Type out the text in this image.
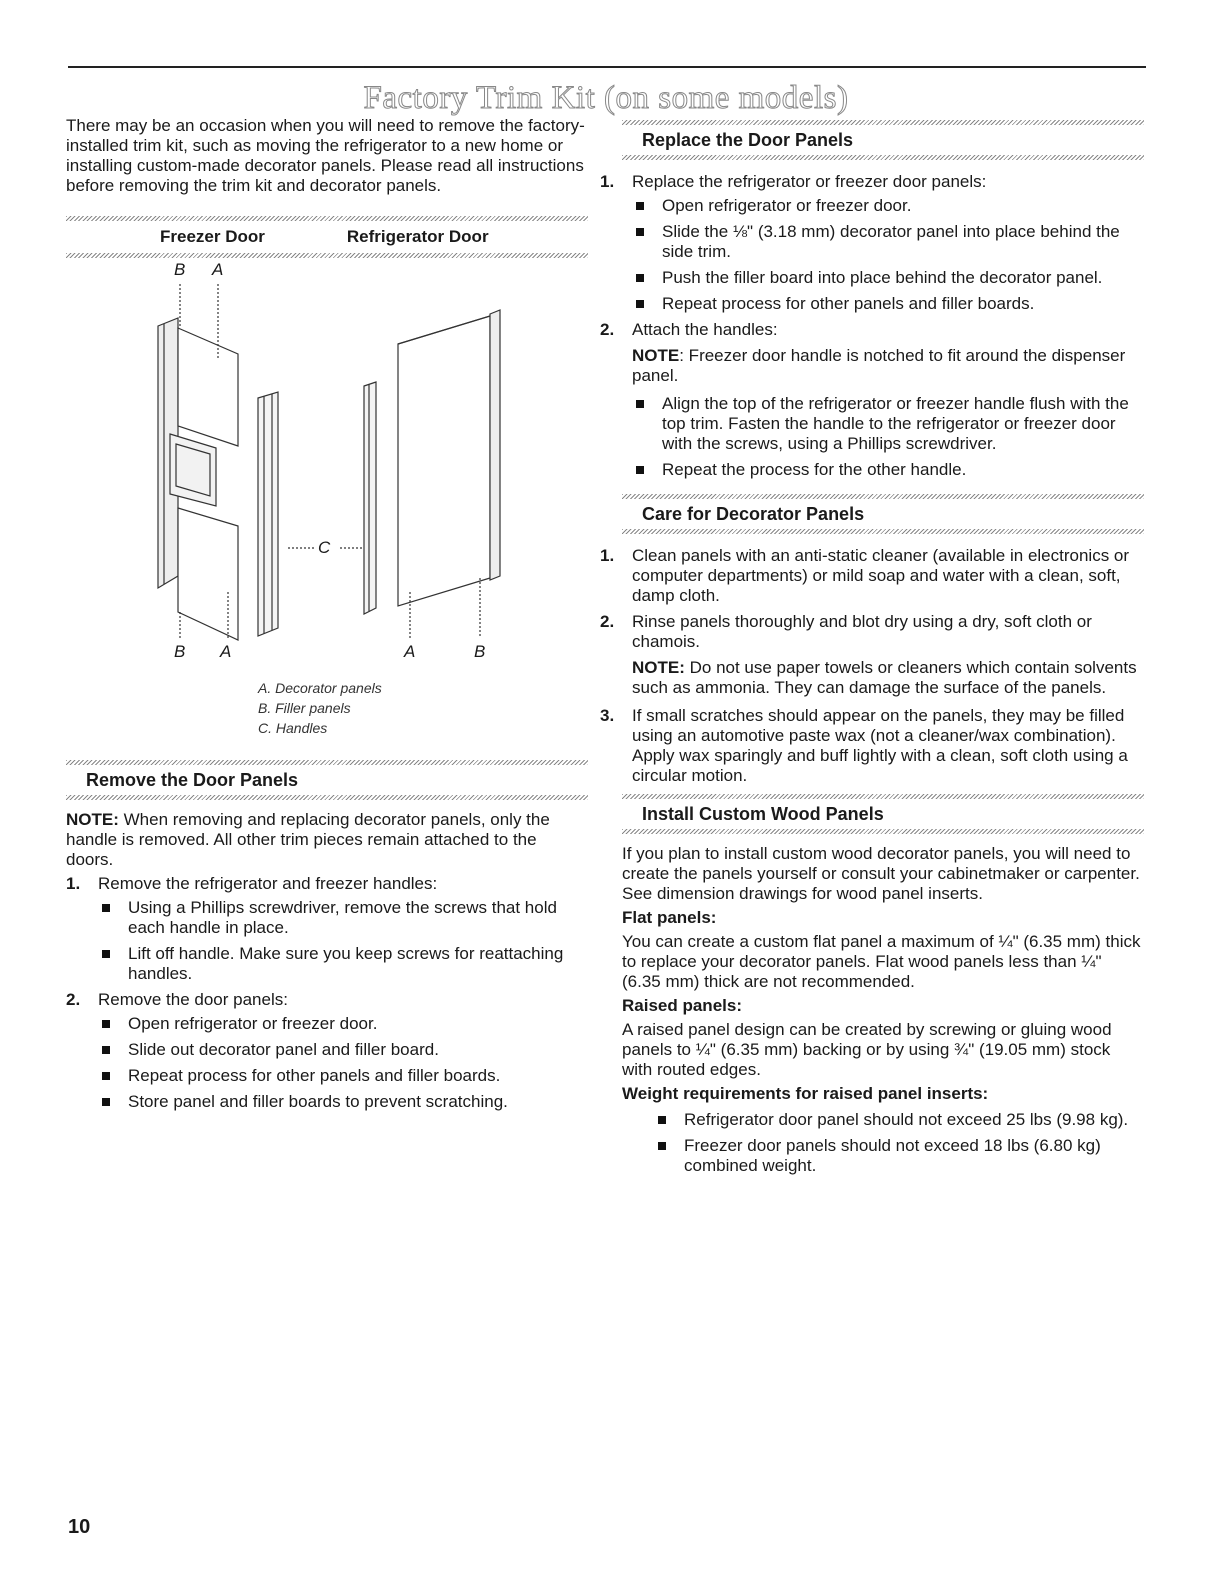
Factory Trim Kit (on some models)

There may be an occasion when you will need to remove the factory-installed trim kit, such as moving the refrigerator to a new home or installing custom-made decorator panels. Please read all instructions before removing the trim kit and decorator panels.

Freezer Door	Refrigerator Door
B A
C
B A	A	B
A. Decorator panels
B. Filler panels
C. Handles
Remove the Door Panels

NOTE: When removing and replacing decorator panels, only the handle is removed. All other trim pieces remain attached to the doors.

1. Remove the refrigerator and freezer handles:
Using a Phillips screwdriver, remove the screws that hold each handle in place.
Lift off handle. Make sure you keep screws for reattaching handles.
2. Remove the door panels:
Open refrigerator or freezer door.
Slide out decorator panel and filler board.
Repeat process for other panels and filler boards.
Store panel and filler boards to prevent scratching.
Replace the Door Panels
1. Replace the refrigerator or freezer door panels:
Open refrigerator or freezer door.
Slide the ⅛" (3.18 mm) decorator panel into place behind the side trim.
Push the filler board into place behind the decorator panel.
Repeat process for other panels and filler boards.
2. Attach the handles:

NOTE: Freezer door handle is notched to fit around the dispenser panel.

Align the top of the refrigerator or freezer handle flush with the top trim. Fasten the handle to the refrigerator or freezer door with the screws, using a Phillips screwdriver.
Repeat the process for the other handle.
Care for Decorator Panels
1. Clean panels with an anti-static cleaner (available in electronics or computer departments) or mild soap and water with a clean, soft, damp cloth.
2. Rinse panels thoroughly and blot dry using a dry, soft cloth or chamois.

NOTE: Do not use paper towels or cleaners which contain solvents such as ammonia. They can damage the surface of the panels.

3. If small scratches should appear on the panels, they may be filled using an automotive paste wax (not a cleaner/wax combination). Apply wax sparingly and buff lightly with a clean, soft cloth using a circular motion.
Install Custom Wood Panels

If you plan to install custom wood decorator panels, you will need to create the panels yourself or consult your cabinetmaker or carpenter. See dimension drawings for wood panel inserts.

Flat panels:

You can create a custom flat panel a maximum of ¼" (6.35 mm) thick to replace your decorator panels. Flat wood panels less than ¼" (6.35 mm) thick are not recommended.

Raised panels:

A raised panel design can be created by screwing or gluing wood panels to ¼" (6.35 mm) backing or by using ¾" (19.05 mm) stock with routed edges.

Weight requirements for raised panel inserts:
Refrigerator door panel should not exceed 25 lbs (9.98 kg).
Freezer door panels should not exceed 18 lbs (6.80 kg) combined weight.
10
